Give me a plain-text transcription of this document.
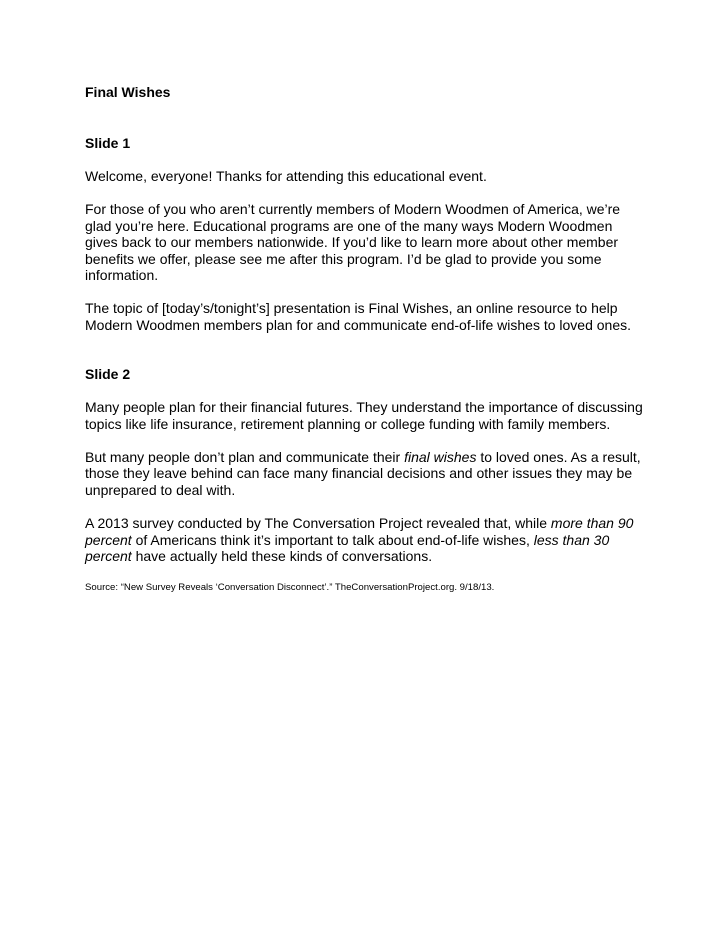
Final Wishes
Slide 1

Welcome, everyone! Thanks for attending this educational event.

For those of you who aren’t currently members of Modern Woodmen of America, we’re glad you’re here. Educational programs are one of the many ways Modern Woodmen gives back to our members nationwide. If you’d like to learn more about other member benefits we offer, please see me after this program. I’d be glad to provide you some information.

The topic of [today’s/tonight’s] presentation is Final Wishes, an online resource to help Modern Woodmen members plan for and communicate end-of-life wishes to loved ones.

Slide 2

Many people plan for their financial futures. They understand the importance of discussing topics like life insurance, retirement planning or college funding with family members.

But many people don’t plan and communicate their final wishes to loved ones. As a result, those they leave behind can face many financial decisions and other issues they may be unprepared to deal with.

A 2013 survey conducted by The Conversation Project revealed that, while more than 90 percent of Americans think it’s important to talk about end-of-life wishes, less than 30 percent have actually held these kinds of conversations.

Source: “New Survey Reveals ‘Conversation Disconnect’.” TheConversationProject.org. 9/18/13.
